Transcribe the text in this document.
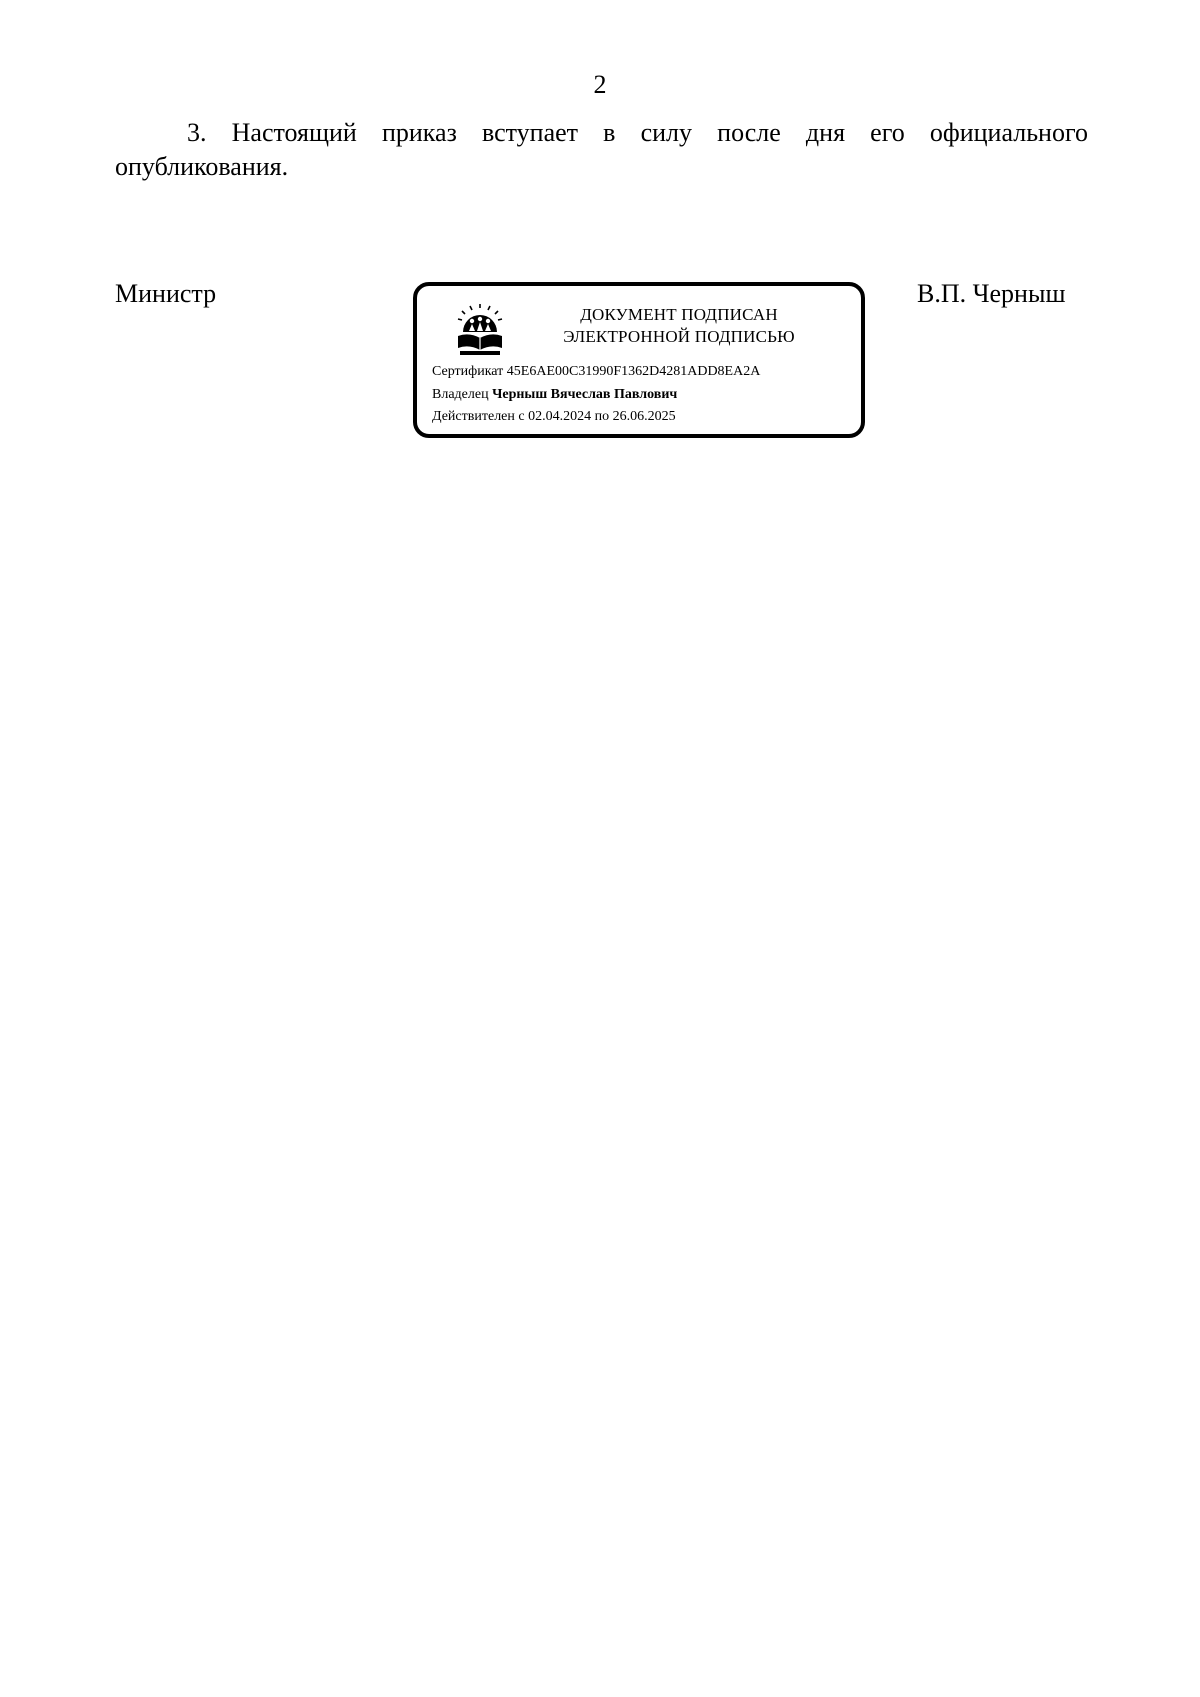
2
3. Настоящий приказ вступает в силу после дня его официального
опубликования.
Министр
ДОКУМЕНТ ПОДПИСАН
ЭЛЕКТРОННОЙ ПОДПИСЬЮ
Сертификат 45E6AE00C31990F1362D4281ADD8EA2A
Владелец Черныш Вячеслав Павлович
Действителен с 02.04.2024 по 26.06.2025
В.П. Черныш
